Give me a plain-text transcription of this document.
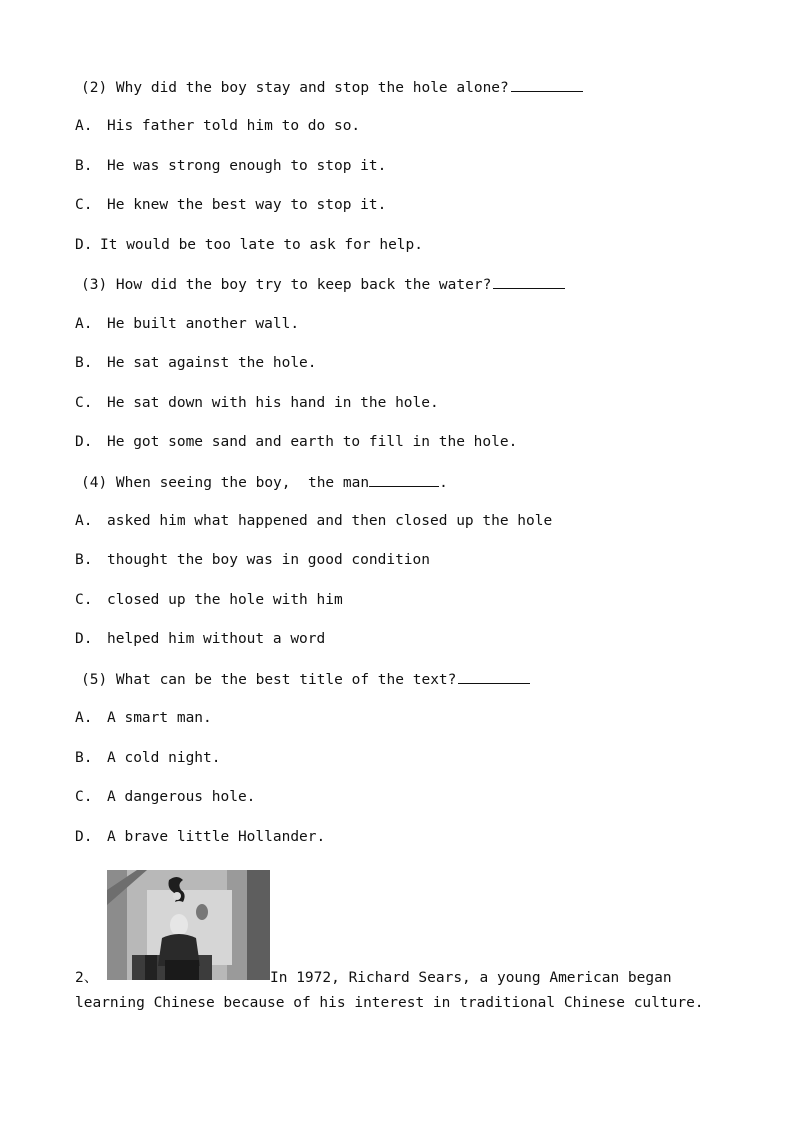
(2) Why did the boy stay and stop the hole alone?
A. His father told him to do so.
B. He was strong enough to stop it.
C. He knew the best way to stop it.
D. It would be too late to ask for help.
(3) How did the boy try to keep back the water?
A. He built another wall.
B. He sat against the hole.
C. He sat down with his hand in the hole.
D. He got some sand and earth to fill in the hole.
(4) When seeing the boy,  the man	.
A. asked him what happened and then closed up the hole
B. thought the boy was in good condition
C. closed up the hole with him
D. helped him without a word
(5) What can be the best title of the text?
A. A smart man.
B. A cold night.
C. A dangerous hole.
D. A brave little Hollander.
2、	In 1972, Richard Sears, a young American began learning Chinese because of his interest in traditional Chinese culture.
